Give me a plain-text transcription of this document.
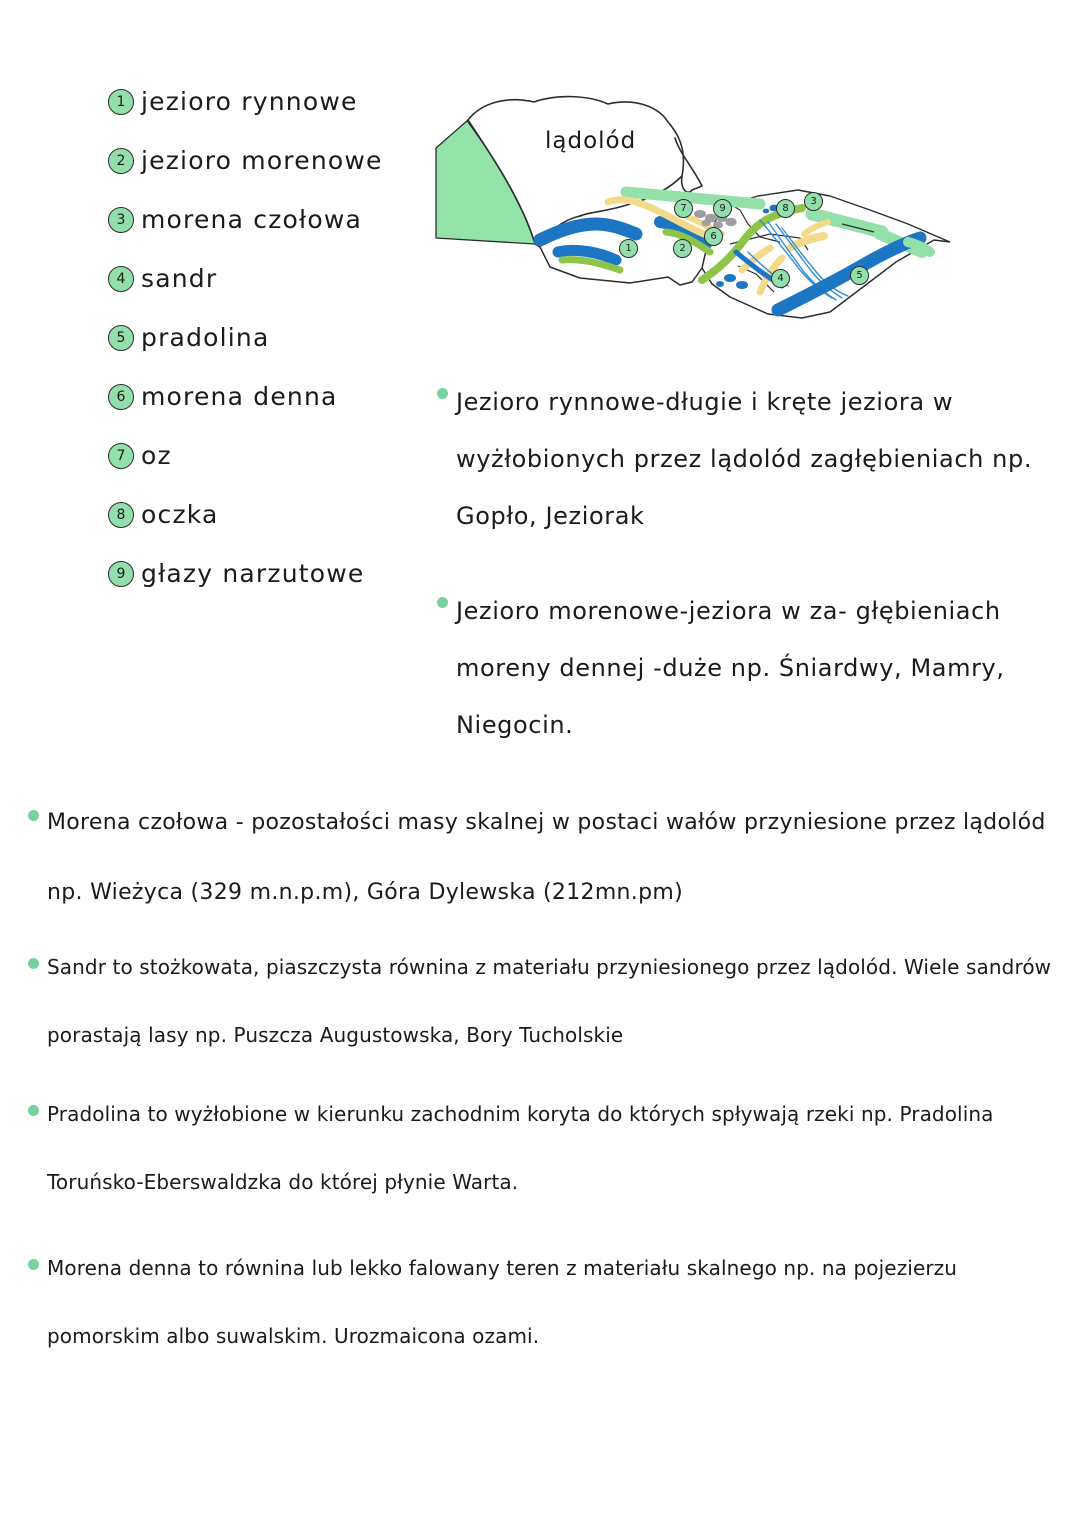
1 jezioro rynnowe
2 jezioro morenowe
3 morena czołowa
4 sandr
5 pradolina
6 morena denna
7 oz
8 oczka
9 głazy narzutowe
lądolód
1	2
3
4	5
6
7	8
9
Jezioro rynnowe-długie i kręte jeziora w wyżłobionych przez lądolód zagłębieniach np. Gopło, Jeziorak
Jezioro morenowe-jeziora w za- głębieniach moreny dennej -duże np. Śniardwy, Mamry, Niegocin.
Morena czołowa - pozostałości masy skalnej w postaci wałów przyniesione przez lądolód np. Wieżyca (329 m.n.p.m), Góra Dylewska (212mn.pm)
Sandr to stożkowata, piaszczysta równina z materiału przyniesionego przez lądolód. Wiele sandrów porastają lasy np. Puszcza Augustowska, Bory Tucholskie
Pradolina to wyżłobione w kierunku zachodnim koryta do których spływają rzeki np. Pradolina Toruńsko-Eberswaldzka do której płynie Warta.
Morena denna to równina lub lekko falowany teren z materiału skalnego np. na pojezierzu pomorskim albo suwalskim. Urozmaicona ozami.
